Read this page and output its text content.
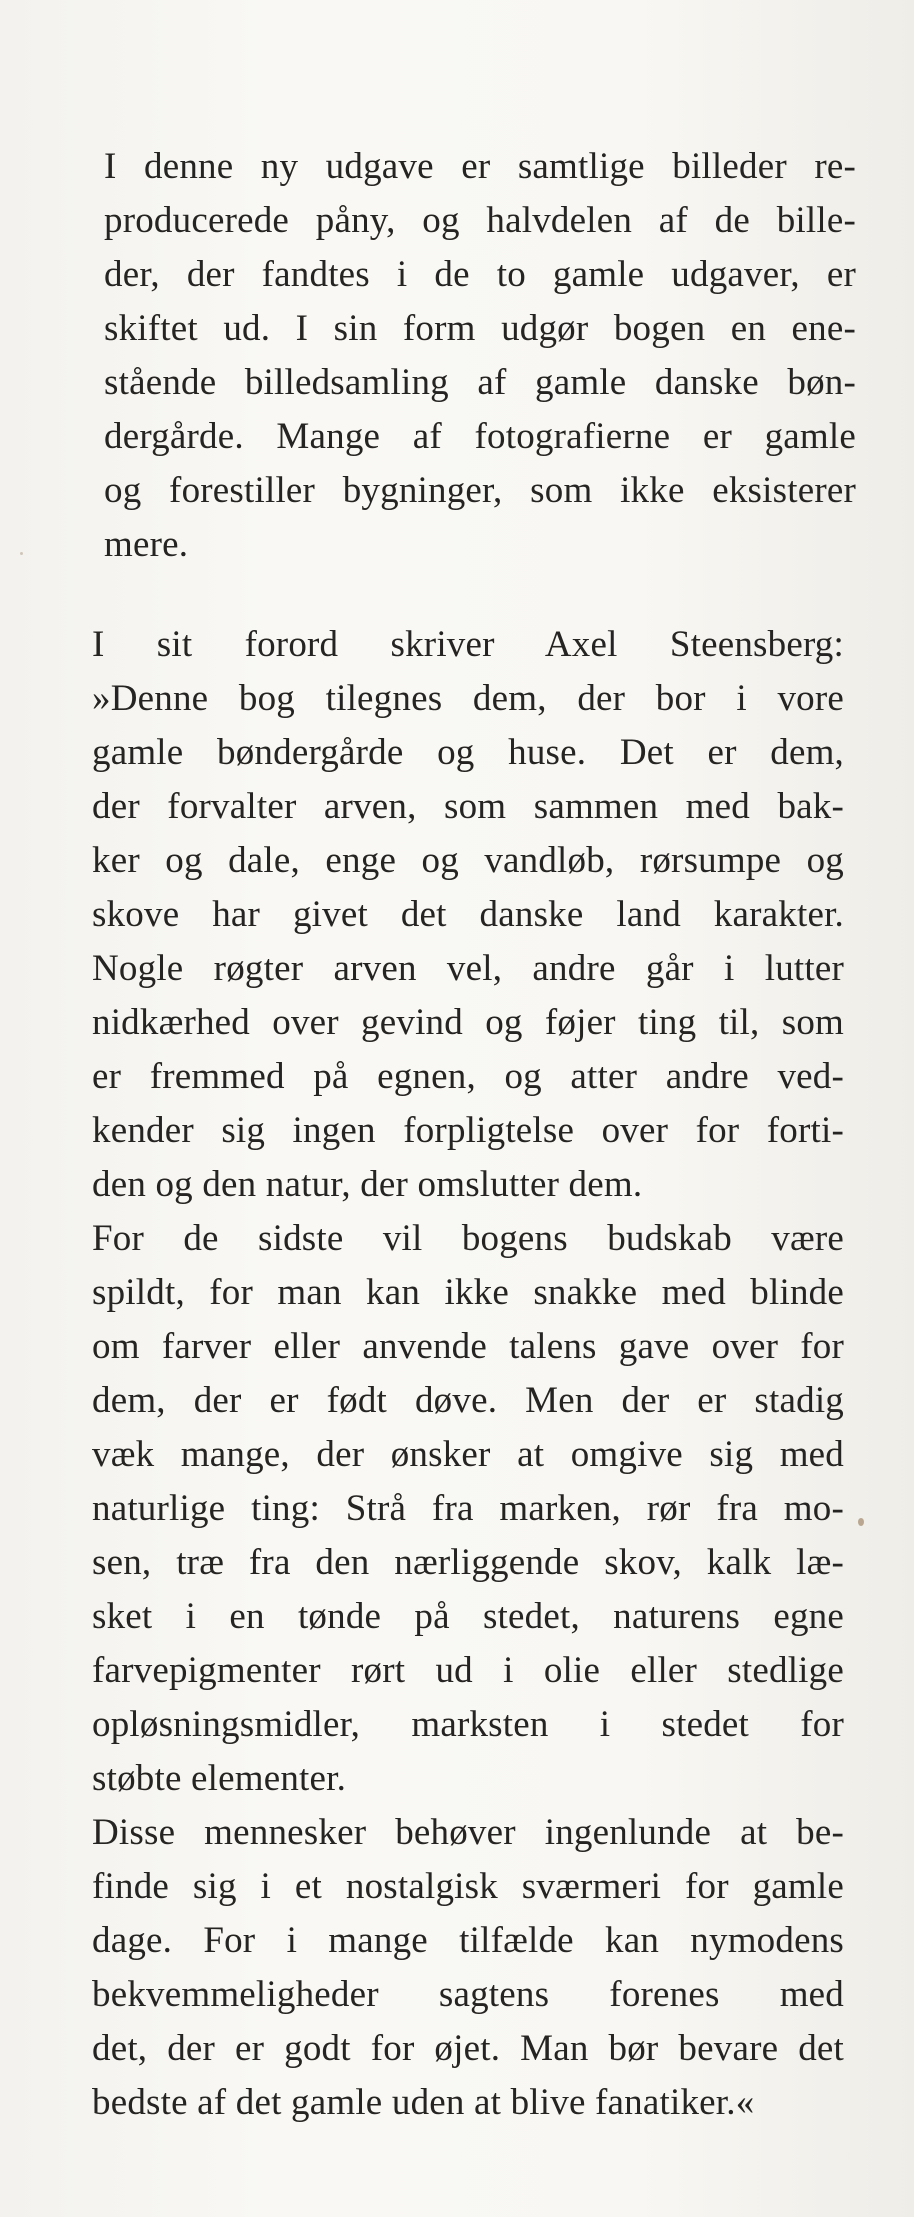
I denne ny udgave er samtlige billeder re-
producerede påny, og halvdelen af de bille-
der, der fandtes i de to gamle udgaver, er
skiftet ud. I sin form udgør bogen en ene-
stående billedsamling af gamle danske bøn-
dergårde. Mange af fotografierne er gamle
og forestiller bygninger, som ikke eksisterer
mere.
I sit forord skriver Axel Steensberg:
»Denne bog tilegnes dem, der bor i vore
gamle bøndergårde og huse. Det er dem,
der forvalter arven, som sammen med bak-
ker og dale, enge og vandløb, rørsumpe og
skove har givet det danske land karakter.
Nogle røgter arven vel, andre går i lutter
nidkærhed over gevind og føjer ting til, som
er fremmed på egnen, og atter andre ved-
kender sig ingen forpligtelse over for forti-
den og den natur, der omslutter dem.
For de sidste vil bogens budskab være
spildt, for man kan ikke snakke med blinde
om farver eller anvende talens gave over for
dem, der er født døve. Men der er stadig
væk mange, der ønsker at omgive sig med
naturlige ting: Strå fra marken, rør fra mo-
sen, træ fra den nærliggende skov, kalk læ-
sket i en tønde på stedet, naturens egne
farvepigmenter rørt ud i olie eller stedlige
opløsningsmidler, marksten i stedet for
støbte elementer.
Disse mennesker behøver ingenlunde at be-
finde sig i et nostalgisk sværmeri for gamle
dage. For i mange tilfælde kan nymodens
bekvemmeligheder sagtens forenes med
det, der er godt for øjet. Man bør bevare det
bedste af det gamle uden at blive fanatiker.«
